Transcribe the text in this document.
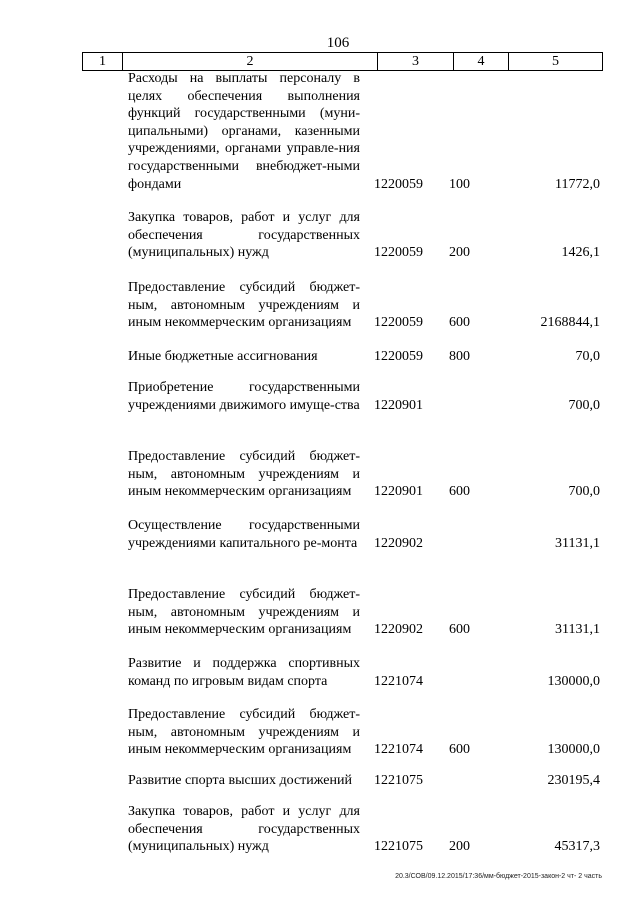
106
1	2	3	4	5
Расходы на выплаты персоналу в целях обеспечения выполнения функций государственными (муни-ципальными) органами, казенными учреждениями, органами управле-ния государственными внебюджет-ными фондами	1220059 100	11772,0
Закупка товаров, работ и услуг для обеспечения государственных (муниципальных) нужд	1220059 200	1426,1
Предоставление субсидий бюджет-ным, автономным учреждениям и иным некоммерческим организациям	1220059 600	2168844,1
Иные бюджетные ассигнования	1220059 800	70,0
Приобретение государственными учреждениями движимого имуще-ства 1220901	700,0
Предоставление субсидий бюджет-ным, автономным учреждениям и иным некоммерческим организациям	1220901 600	700,0
Осуществление государственными учреждениями капитального ре-монта 1220902	31131,1
Предоставление субсидий бюджет-ным, автономным учреждениям и иным некоммерческим организациям	1220902 600	31131,1
Развитие и поддержка спортивных команд по игровым видам спорта	1221074	130000,0
Предоставление субсидий бюджет-ным, автономным учреждениям и иным некоммерческим организациям	1221074 600	130000,0
Развитие спорта высших достижений	1221075	230195,4
Закупка товаров, работ и услуг для обеспечения государственных (муниципальных) нужд	1221075 200	45317,3
20.3/СОВ/09.12.2015/17:36/мм-бюджет-2015-закон-2 чт- 2 часть
